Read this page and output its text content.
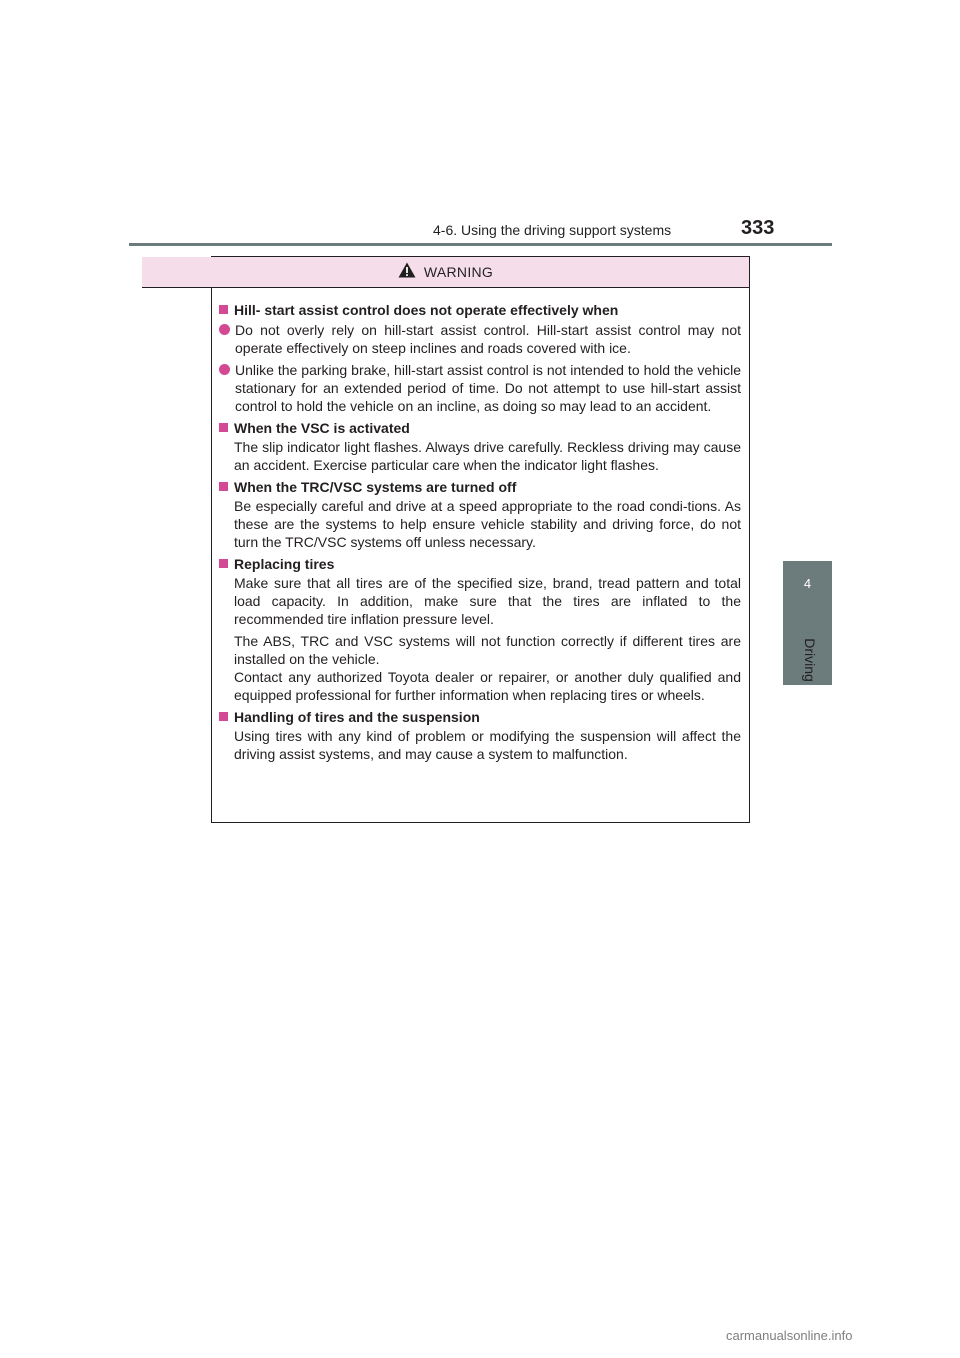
4-6. Using the driving support systems	333
4
Driving
WARNING
Hill- start assist control does not operate effectively when
Do not overly rely on hill-start assist control. Hill-start assist control may not operate effectively on steep inclines and roads covered with ice.
Unlike the parking brake, hill-start assist control is not intended to hold the vehicle stationary for an extended period of time. Do not attempt to use hill-start assist control to hold the vehicle on an incline, as doing so may lead to an accident.
When the VSC is activated
The slip indicator light flashes. Always drive carefully. Reckless driving may cause an accident. Exercise particular care when the indicator light flashes.
When the TRC/VSC systems are turned off
Be especially careful and drive at a speed appropriate to the road condi-tions. As these are the systems to help ensure vehicle stability and driving force, do not turn the TRC/VSC systems off unless necessary.
Replacing tires
Make sure that all tires are of the specified size, brand, tread pattern and total load capacity. In addition, make sure that the tires are inflated to the recommended tire inflation pressure level.
The ABS, TRC and VSC systems will not function correctly if different tires are installed on the vehicle.
Contact any authorized Toyota dealer or repairer, or another duly qualified and equipped professional for further information when replacing tires or wheels.
Handling of tires and the suspension
Using tires with any kind of problem or modifying the suspension will affect the driving assist systems, and may cause a system to malfunction.
carmanualsonline.info
